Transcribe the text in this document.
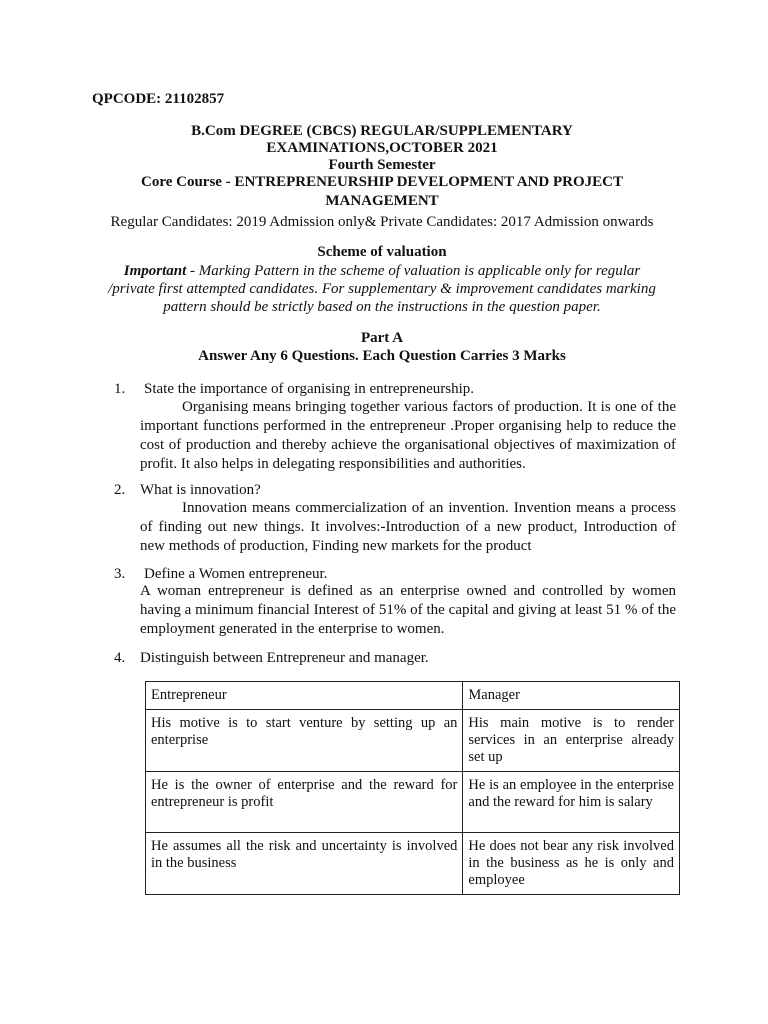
QPCODE: 21102857
B.Com DEGREE (CBCS) REGULAR/SUPPLEMENTARY
EXAMINATIONS,OCTOBER 2021
Fourth Semester
Core Course - ENTREPRENEURSHIP DEVELOPMENT AND PROJECT
MANAGEMENT
Regular Candidates: 2019 Admission only& Private Candidates: 2017 Admission onwards
Scheme of valuation
Important - Marking Pattern in the scheme of valuation is applicable only for regular
/private first attempted candidates. For supplementary & improvement candidates marking
pattern should be strictly based on the instructions in the question paper.
Part A
Answer Any 6 Questions. Each Question Carries 3 Marks
1. State the importance of organising in entrepreneurship.
Organising means bringing together various factors of production. It is one of the important functions performed in the entrepreneur .Proper organising help to reduce the cost of production and thereby achieve the organisational objectives of maximization of profit. It also helps in delegating responsibilities and authorities.
2. What is innovation?
Innovation means commercialization of an invention. Invention means a process of finding out new things. It involves:-Introduction of a new product, Introduction of new methods of production, Finding new markets for the product
3. Define a Women entrepreneur.
A woman entrepreneur is defined as an enterprise owned and controlled by women having a minimum financial Interest of 51% of the capital and giving at least 51 % of the employment generated in the enterprise to women.
4. Distinguish between Entrepreneur and manager.
Entrepreneur	Manager
His motive is to start venture by setting up an enterprise	His main motive is to render services in an enterprise already set up
He is the owner of enterprise and the reward for entrepreneur is profit	He is an employee in the enterprise and the reward for him is salary
He assumes all the risk and uncertainty is involved in the business	He does not bear any risk involved in the business as he is only and employee
